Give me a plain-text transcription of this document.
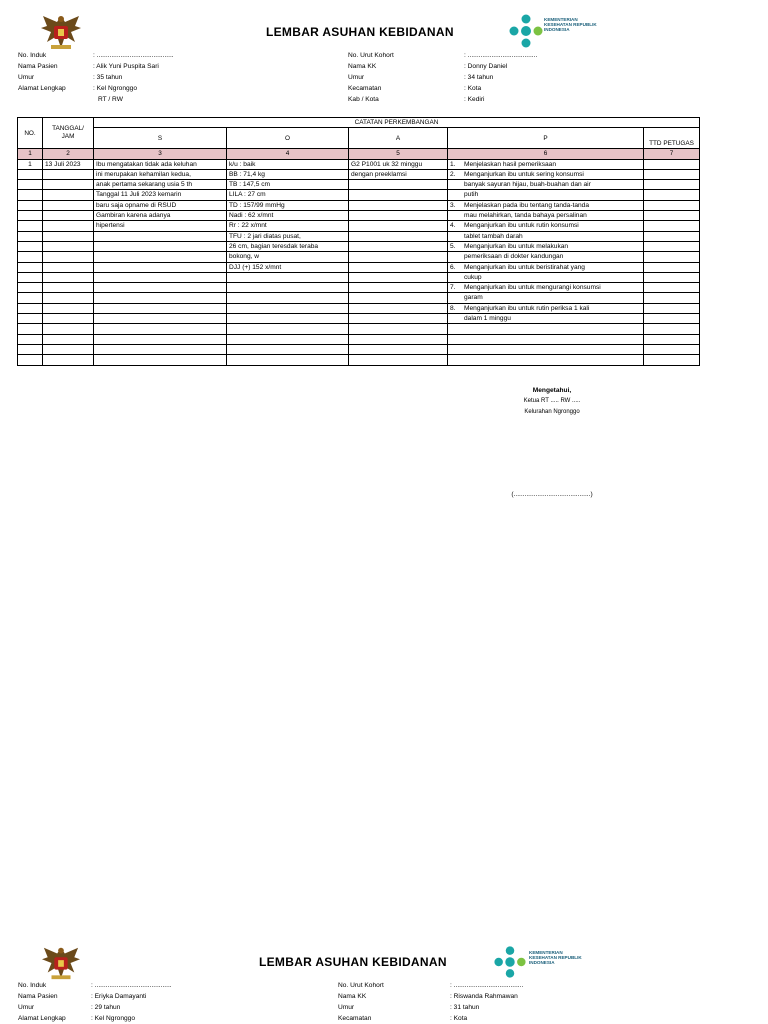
LEMBAR ASUHAN KEBIDANAN
KEMENTERIAN KESEHATAN REPUBLIK INDONESIA
No. Induk	: ..........................................
Nama Pasien	: Alik Yuni Puspita Sari
Umur	: 35 tahun
Alamat Lengkap	: Kel Ngronggo
RT / RW
No. Urut Kohort	: ......................................
Nama KK	: Donny Daniel
Umur	: 34 tahun
Kecamatan	: Kota
Kab / Kota	: Kediri
NO.	TANGGAL/ JAM	CATATAN PERKEMBANGAN				
		S	O	A	P	TTD PETUGAS

1	2	3	4	5	6	7
1	13 Juli 2023	Ibu mengatakan tidak ada keluhan	k/u : baik	G2 P1001 uk 32 minggu	1. Menjelaskan hasil pemeriksaan	
		ini merupakan kehamilan kedua,	BB : 71,4 kg	dengan preeklamsi	2. Menganjurkan ibu untuk sering konsumsi	
		anak pertama sekarang usia 5 th	TB : 147,5 cm		banyak sayuran hijau, buah-buahan dan air	
		Tanggal 11 Juli 2023 kemarin	LILA : 27 cm		putih	
		baru saja opname di RSUD	TD : 157/99 mmHg		3. Menjelaskan pada ibu tentang tanda-tanda	
		Gambiran karena adanya	Nadi : 62 x/mnt		mau melahirkan, tanda bahaya persalinan	
		hipertensi	Rr : 22 x/mnt		4. Menganjurkan ibu untuk rutin konsumsi	
			TFU : 2 jari diatas pusat,		tablet tambah darah	
			26 cm, bagian teresdak teraba		5. Menganjurkan ibu untuk melakukan	
			bokong, w		pemeriksaan di dokter kandungan	
			DJJ (+) 152 x/mnt		6. Menganjurkan ibu untuk beristirahat yang	
					cukup	
					7. Menganjurkan ibu untuk mengurangi konsumsi	
					garam	
					8. Menganjurkan ibu untuk rutin periksa 1 kali	
					dalam 1 minggu	

Mengetahui,
Ketua RT ..... RW .....
Kelurahan Ngronggo
(..........................................)
LEMBAR ASUHAN KEBIDANAN
KEMENTERIAN KESEHATAN REPUBLIK INDONESIA
No. Induk	: ..........................................
Nama Pasien	: Eriyka Damayanti
Umur	: 29 tahun
Alamat Lengkap	: Kel Ngronggo
No. Urut Kohort	: ......................................
Nama KK	: Riswanda Rahmawan
Umur	: 31 tahun
Kecamatan	: Kota
